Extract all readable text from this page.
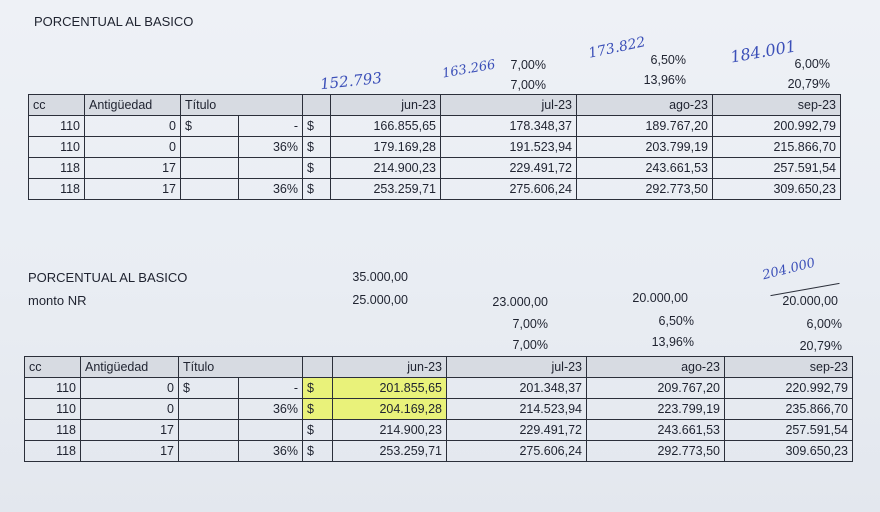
PORCENTUAL AL BASICO
152.793	163.266
173.822	184.001
7,00%	6,50%	6,00%
7,00%	13,96%	20,79%
cc	Antigüedad	Título			jun-23	jul-23	ago-23	sep-23
110	0	$	-	$	166.855,65	178.348,37	189.767,20	200.992,79
110	0		36%	$	179.169,28	191.523,94	203.799,19	215.866,70
118	17			$	214.900,23	229.491,72	243.661,53	257.591,54
118	17		36%	$	253.259,71	275.606,24	292.773,50	309.650,23
PORCENTUAL AL BASICO	35.000,00
monto NR	25.000,00	23.000,00	20.000,00	20.000,00
204.000
7,00%	6,50%	6,00%
7,00%	13,96%	20,79%
cc	Antigüedad	Título			jun-23	jul-23	ago-23	sep-23
110	0	$	-	$	201.855,65	201.348,37	209.767,20	220.992,79
110	0		36%	$	204.169,28	214.523,94	223.799,19	235.866,70
118	17			$	214.900,23	229.491,72	243.661,53	257.591,54
118	17		36%	$	253.259,71	275.606,24	292.773,50	309.650,23
